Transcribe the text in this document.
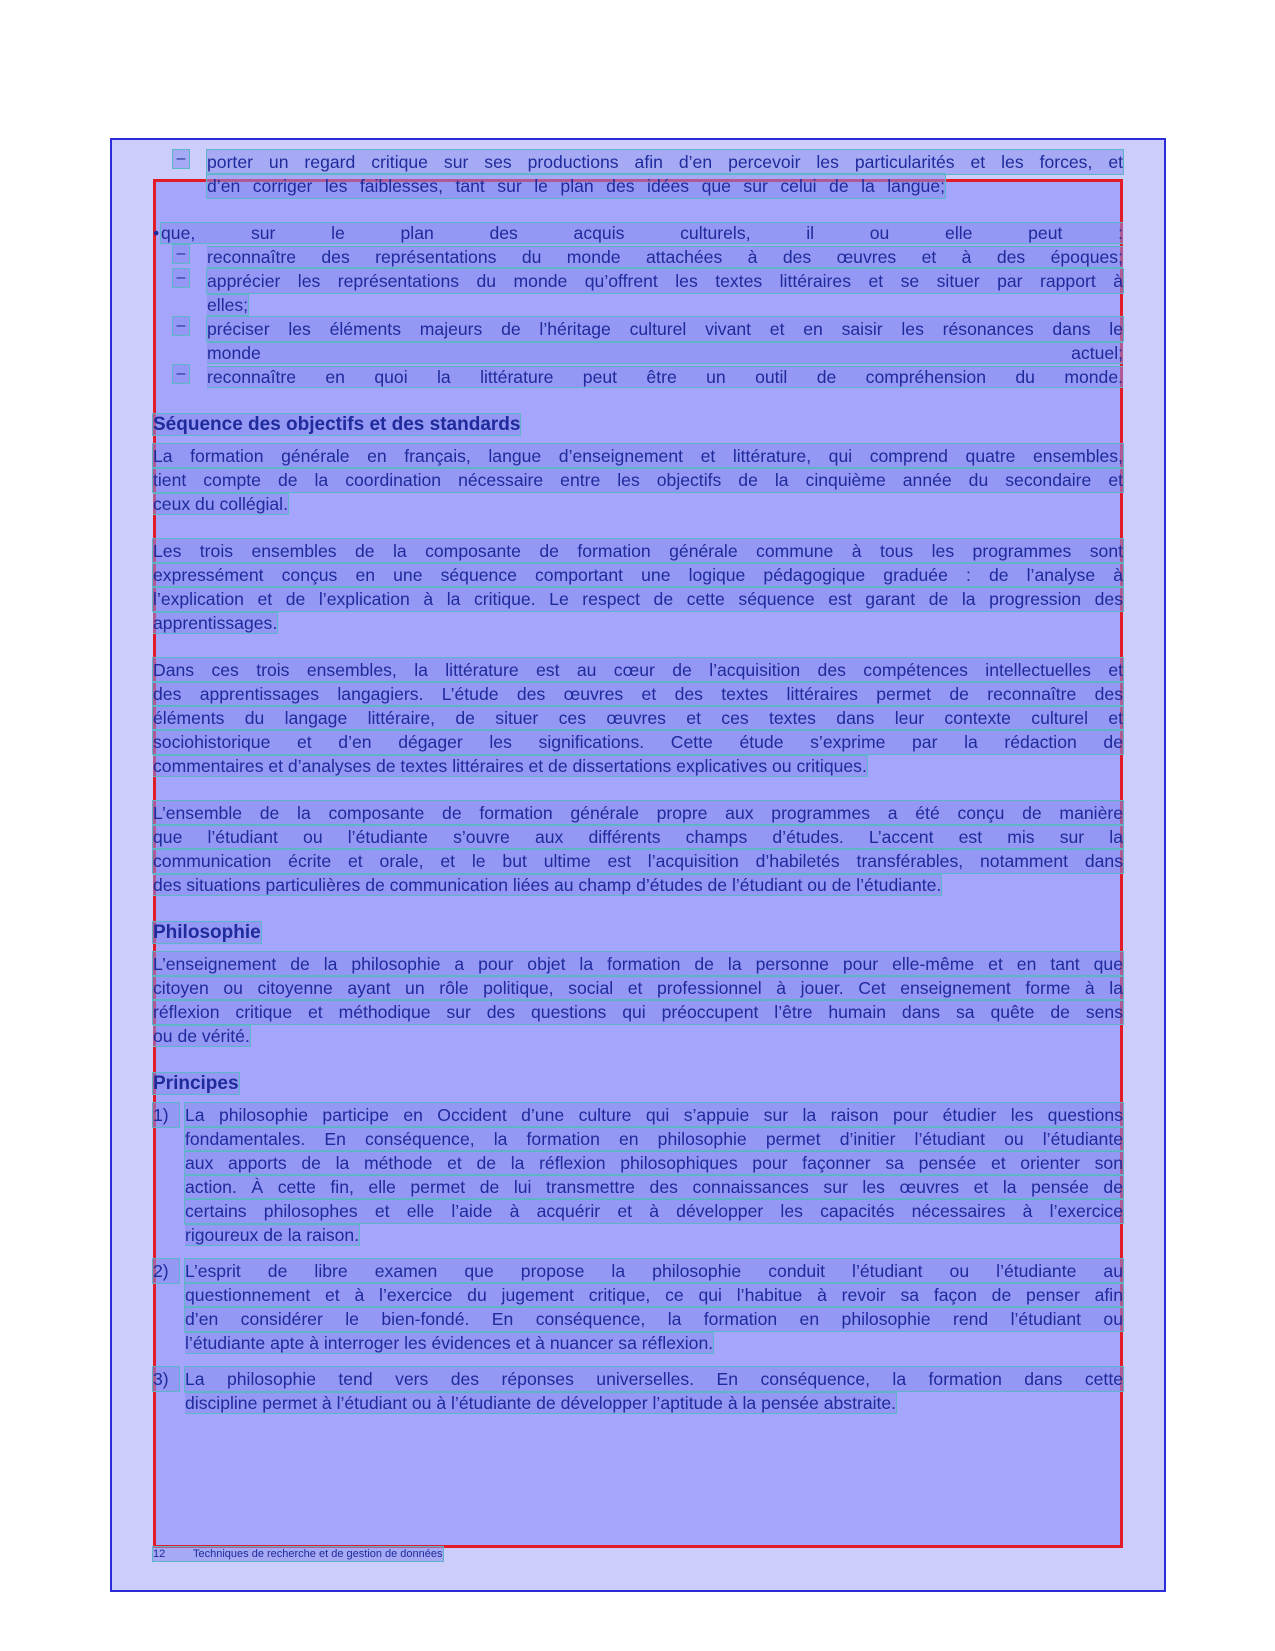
– porter un regard critique sur ses productions afin d’en percevoir les particularités et les forces, et
d’en corriger les faiblesses, tant sur le plan des idées que sur celui de la langue;
• que, sur le plan des acquis culturels, il ou elle peut :
– reconnaître des représentations du monde attachées à des œuvres et à des époques;
– apprécier les représentations du monde qu’offrent les textes littéraires et se situer par rapport à
elles;
– préciser les éléments majeurs de l’héritage culturel vivant et en saisir les résonances dans le
monde actuel;
– reconnaître en quoi la littérature peut être un outil de compréhension du monde.
Séquence des objectifs et des standards
La formation générale en français, langue d’enseignement et littérature, qui comprend quatre ensembles,
tient compte de la coordination nécessaire entre les objectifs de la cinquième année du secondaire et
ceux du collégial.
Les trois ensembles de la composante de formation générale commune à tous les programmes sont
expressément conçus en une séquence comportant une logique pédagogique graduée : de l’analyse à
l’explication et de l’explication à la critique. Le respect de cette séquence est garant de la progression des
apprentissages.
Dans ces trois ensembles, la littérature est au cœur de l’acquisition des compétences intellectuelles et
des apprentissages langagiers. L’étude des œuvres et des textes littéraires permet de reconnaître des
éléments du langage littéraire, de situer ces œuvres et ces textes dans leur contexte culturel et
sociohistorique et d’en dégager les significations. Cette étude s’exprime par la rédaction de
commentaires et d’analyses de textes littéraires et de dissertations explicatives ou critiques.
L’ensemble de la composante de formation générale propre aux programmes a été conçu de manière
que l’étudiant ou l’étudiante s’ouvre aux différents champs d’études. L’accent est mis sur la
communication écrite et orale, et le but ultime est l’acquisition d’habiletés transférables, notamment dans
des situations particulières de communication liées au champ d’études de l’étudiant ou de l’étudiante.
Philosophie
L’enseignement de la philosophie a pour objet la formation de la personne pour elle-même et en tant que
citoyen ou citoyenne ayant un rôle politique, social et professionnel à jouer. Cet enseignement forme à la
réflexion critique et méthodique sur des questions qui préoccupent l’être humain dans sa quête de sens
ou de vérité.
Principes
1) La philosophie participe en Occident d’une culture qui s’appuie sur la raison pour étudier les questions
fondamentales. En conséquence, la formation en philosophie permet d’initier l’étudiant ou l’étudiante
aux apports de la méthode et de la réflexion philosophiques pour façonner sa pensée et orienter son
action. À cette fin, elle permet de lui transmettre des connaissances sur les œuvres et la pensée de
certains philosophes et elle l’aide à acquérir et à développer les capacités nécessaires à l’exercice
rigoureux de la raison.
2) L’esprit de libre examen que propose la philosophie conduit l’étudiant ou l’étudiante au
questionnement et à l’exercice du jugement critique, ce qui l’habitue à revoir sa façon de penser afin
d’en considérer le bien-fondé. En conséquence, la formation en philosophie rend l’étudiant ou
l’étudiante apte à interroger les évidences et à nuancer sa réflexion.
3) La philosophie tend vers des réponses universelles. En conséquence, la formation dans cette
discipline permet à l’étudiant ou à l’étudiante de développer l’aptitude à la pensée abstraite.
12	Techniques de recherche et de gestion de données
